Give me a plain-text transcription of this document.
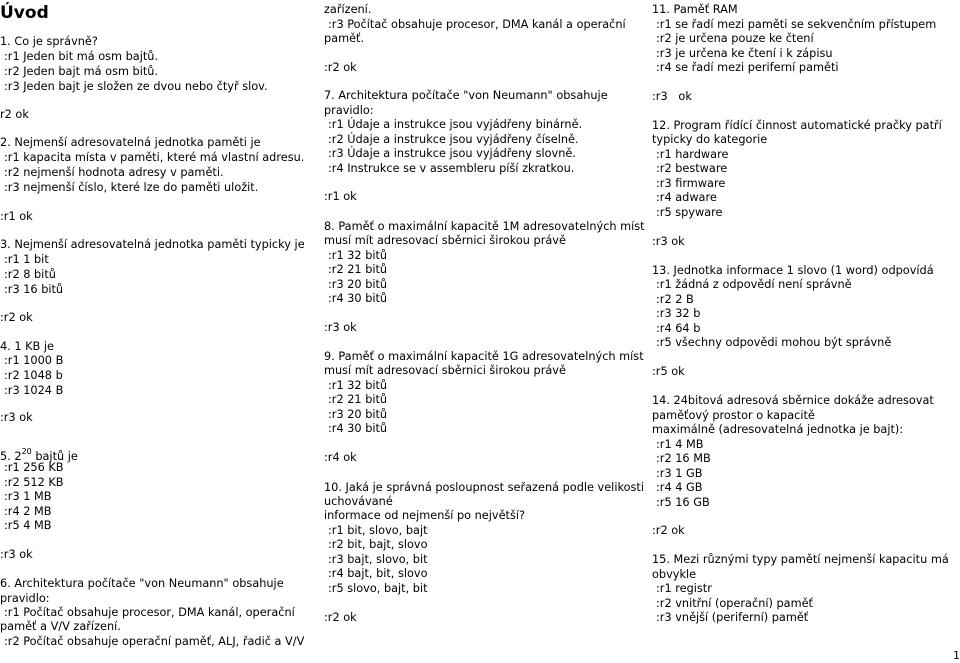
Úvod
1. Co je správně?
:r1 Jeden bit má osm bajtů.
:r2 Jeden bajt má osm bitů.
:r3 Jeden bajt je složen ze dvou nebo čtyř slov.
r2 ok
2. Nejmenší adresovatelná jednotka paměti je
:r1 kapacita místa v paměti, které má vlastní adresu.
:r2 nejmenší hodnota adresy v paměti.
:r3 nejmenší číslo, které lze do paměti uložit.
:r1 ok
3. Nejmenší adresovatelná jednotka paměti typicky je
:r1 1 bit
:r2 8 bitů
:r3 16 bitů
:r2 ok
4. 1 KB je
:r1 1000 B
:r2 1048 b
:r3 1024 B
:r3 ok
5. $2^{20}$ bajtů je
:r1 256 KB
:r2 512 KB
:r3 1 MB
:r4 2 MB
:r5 4 MB
:r3 ok
6. Architektura počítače "von Neumann" obsahuje
pravidlo:
:r1 Počítač obsahuje procesor, DMA kanál, operační
paměť a V/V zařízení.
:r2 Počítač obsahuje operační paměť, ALJ, řadič a V/V
zařízení.
:r3 Počítač obsahuje procesor, DMA kanál a operační
paměť.
:r2 ok
7. Architektura počítače "von Neumann" obsahuje
pravidlo:
:r1 Údaje a instrukce jsou vyjádřeny binárně.
:r2 Údaje a instrukce jsou vyjádřeny číselně.
:r3 Údaje a instrukce jsou vyjádřeny slovně.
:r4 Instrukce se v assembleru píší zkratkou.
:r1 ok
8. Paměť o maximální kapacitě 1M adresovatelných míst
musí mít adresovací sběrnici širokou právě
:r1 32 bitů
:r2 21 bitů
:r3 20 bitů
:r4 30 bitů
:r3 ok
9. Paměť o maximální kapacitě 1G adresovatelných míst
musí mít adresovací sběrnici širokou právě
:r1 32 bitů
:r2 21 bitů
:r3 20 bitů
:r4 30 bitů
:r4 ok
10. Jaká je správná posloupnost seřazená podle velikosti
uchovávané
informace od nejmenší po největší?
:r1 bit, slovo, bajt
:r2 bit, bajt, slovo
:r3 bajt, slovo, bit
:r4 bajt, bit, slovo
:r5 slovo, bajt, bit
:r2 ok
11. Paměť RAM
:r1 se řadí mezi paměti se sekvenčním přístupem
:r2 je určena pouze ke čtení
:r3 je určena ke čtení i k zápisu
:r4 se řadí mezi periferní paměti
:r3   ok
12. Program řídící činnost automatické pračky patří
typicky do kategorie
:r1 hardware
:r2 bestware
:r3 firmware
:r4 adware
:r5 spyware
:r3 ok
13. Jednotka informace 1 slovo (1 word) odpovídá
:r1 žádná z odpovědí není správně
:r2 2 B
:r3 32 b
:r4 64 b
:r5 všechny odpovědi mohou být správně
:r5 ok
14. 24bitová adresová sběrnice dokáže adresovat
paměťový prostor o kapacitě
maximálně (adresovatelná jednotka je bajt):
:r1 4 MB
:r2 16 MB
:r3 1 GB
:r4 4 GB
:r5 16 GB
:r2 ok
15. Mezi různými typy pamětí nejmenší kapacitu má
obvykle
:r1 registr
:r2 vnitřní (operační) paměť
:r3 vnější (periferní) paměť
1
